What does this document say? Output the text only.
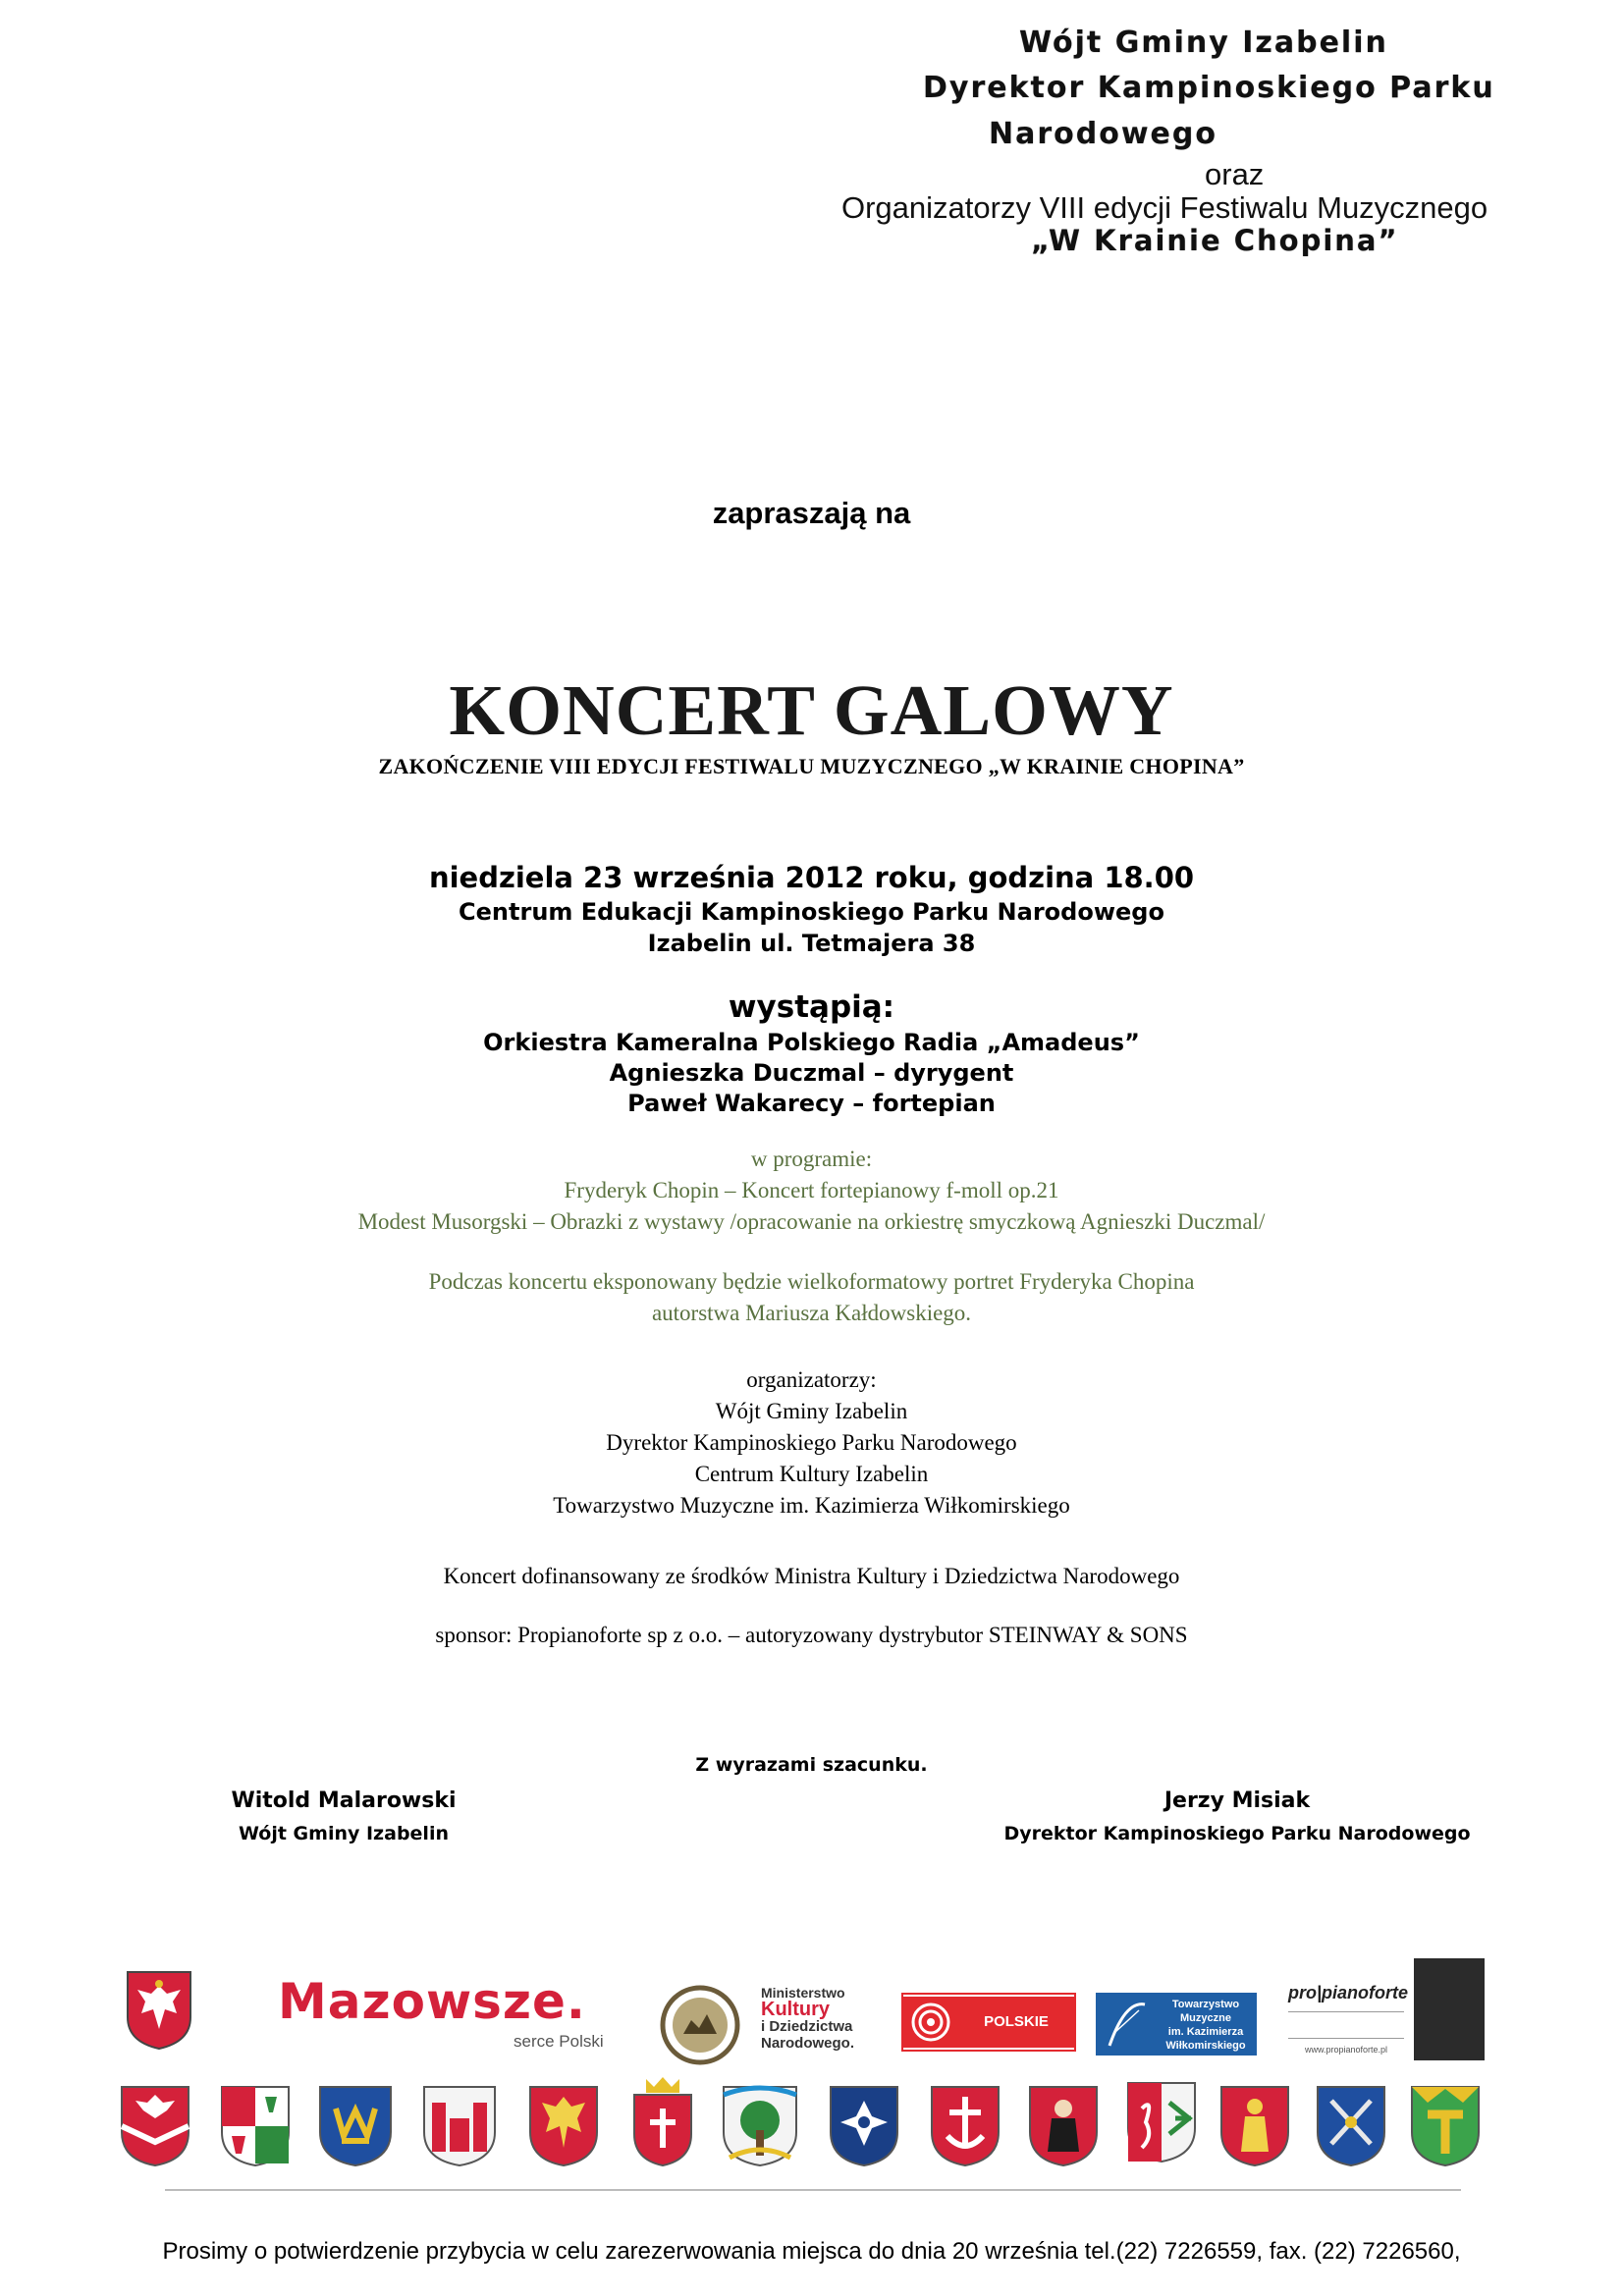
Wójt Gminy Izabelin
Dyrektor Kampinoskiego Parku
Narodowego
oraz
Organizatorzy VIII edycji Festiwalu Muzycznego
„W Krainie Chopina”
zapraszają na
KONCERT GALOWY
ZAKOŃCZENIE VIII EDYCJI FESTIWALU MUZYCZNEGO „W KRAINIE CHOPINA”
niedziela 23 września 2012 roku, godzina 18.00
Centrum Edukacji Kampinoskiego Parku Narodowego
Izabelin ul. Tetmajera 38
wystąpią:
Orkiestra Kameralna Polskiego Radia „Amadeus”
Agnieszka Duczmal – dyrygent
Paweł Wakarecy – fortepian
w programie:
Fryderyk Chopin – Koncert fortepianowy f-moll op.21
Modest Musorgski – Obrazki z wystawy /opracowanie na orkiestrę smyczkową Agnieszki Duczmal/
Podczas koncertu eksponowany będzie wielkoformatowy portret Fryderyka Chopina
autorstwa Mariusza Kałdowskiego.
organizatorzy:
Wójt Gminy Izabelin
Dyrektor Kampinoskiego Parku Narodowego
Centrum Kultury Izabelin
Towarzystwo Muzyczne im. Kazimierza Wiłkomirskiego
Koncert dofinansowany ze środków Ministra Kultury i Dziedzictwa Narodowego
sponsor: Propianoforte sp z o.o. – autoryzowany dystrybutor STEINWAY & SONS
Z wyrazami szacunku.
Witold Malarowski
Wójt Gminy Izabelin
Jerzy Misiak
Dyrektor Kampinoskiego Parku Narodowego
Mazowsze.
serce Polski
Ministerstwo
Kultury
i Dziedzictwa
Narodowego.
POLSKIE RADIO
Towarzystwo
Muzyczne
im. Kazimierza
Wiłkomirskiego
pro|pianoforte
www.propianoforte.pl
Prosimy o potwierdzenie przybycia w celu zarezerwowania miejsca do dnia 20 września tel.(22) 7226559, fax. (22) 7226560,
